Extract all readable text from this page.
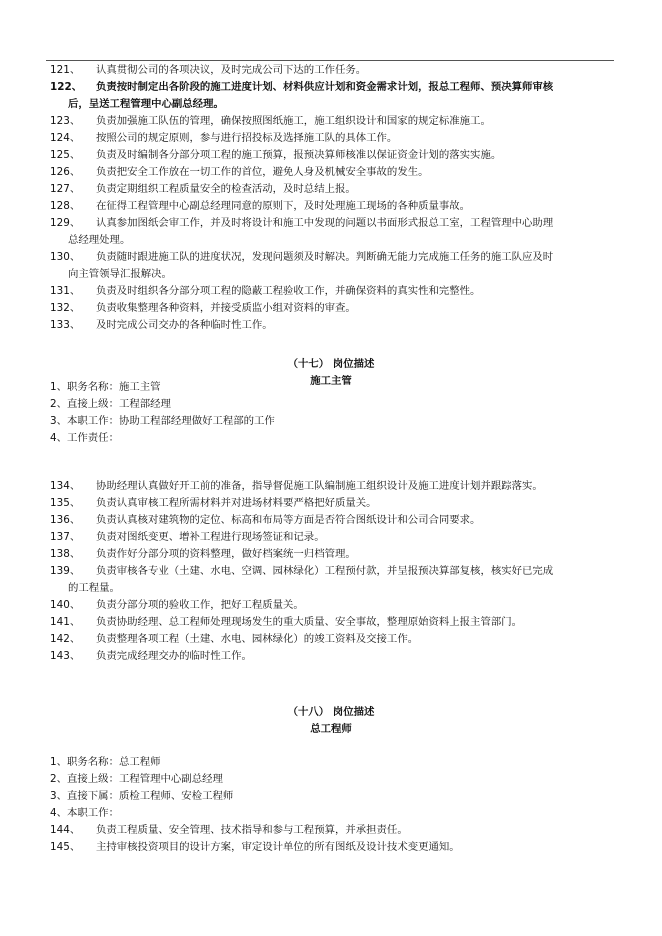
121、	认真贯彻公司的各项决议，及时完成公司下达的工作任务。
122、	负责按时制定出各阶段的施工进度计划、材料供应计划和资金需求计划，报总工程师、预决算师审核
后，呈送工程管理中心副总经理。
123、	负责加强施工队伍的管理，确保按照图纸施工，施工组织设计和国家的规定标准施工。
124、	按照公司的规定原则，参与进行招投标及选择施工队的具体工作。
125、	负责及时编制各分部分项工程的施工预算，报预决算师核准以保证资金计划的落实实施。
126、	负责把安全工作放在一切工作的首位，避免人身及机械安全事故的发生。
127、	负责定期组织工程质量安全的检查活动，及时总结上报。
128、	在征得工程管理中心副总经理同意的原则下，及时处理施工现场的各种质量事故。
129、	认真参加图纸会审工作，并及时将设计和施工中发现的问题以书面形式报总工室，工程管理中心助理
总经理处理。
130、	负责随时跟进施工队的进度状况，发现问题须及时解决。判断确无能力完成施工任务的施工队应及时
向主管领导汇报解决。
131、	负责及时组织各分部分项工程的隐蔽工程验收工作，并确保资料的真实性和完整性。
132、	负责收集整理各种资料，并接受质监小组对资料的审查。
133、	及时完成公司交办的各种临时性工作。
（十七） 岗位描述
施工主管
1、职务名称：施工主管
2、直接上级：工程部经理
3、本职工作：协助工程部经理做好工程部的工作
4、工作责任：
134、	协助经理认真做好开工前的准备，指导督促施工队编制施工组织设计及施工进度计划并跟踪落实。
135、	负责认真审核工程所需材料并对进场材料要严格把好质量关。
136、	负责认真核对建筑物的定位、标高和布局等方面是否符合图纸设计和公司合同要求。
137、	负责对图纸变更、增补工程进行现场签证和记录。
138、	负责作好分部分项的资料整理，做好档案统一归档管理。
139、	负责审核各专业（土建、水电、空调、园林绿化）工程预付款，并呈报预决算部复核，核实好已完成
的工程量。
140、	负责分部分项的验收工作，把好工程质量关。
141、	负责协助经理、总工程师处理现场发生的重大质量、安全事故，整理原始资料上报主管部门。
142、	负责整理各项工程（土建、水电、园林绿化）的竣工资料及交接工作。
143、	负责完成经理交办的临时性工作。
（十八） 岗位描述
总工程师
1、职务名称：总工程师
2、直接上级：工程管理中心副总经理
3、直接下属：质检工程师、安检工程师
4、本职工作：
144、	负责工程质量、安全管理、技术指导和参与工程预算，并承担责任。
145、	主持审核投资项目的设计方案，审定设计单位的所有图纸及设计技术变更通知。
